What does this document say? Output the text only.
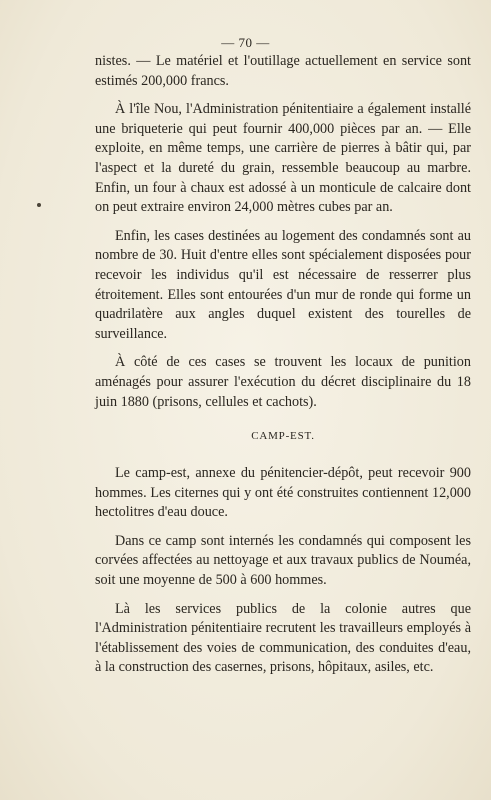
— 70 —

nistes. — Le matériel et l'outillage actuellement en service sont estimés 200,000 francs.

À l'île Nou, l'Administration pénitentiaire a également installé une briqueterie qui peut fournir 400,000 pièces par an. — Elle exploite, en même temps, une carrière de pierres à bâtir qui, par l'aspect et la dureté du grain, ressemble beaucoup au marbre. Enfin, un four à chaux est adossé à un monticule de calcaire dont on peut extraire environ 24,000 mètres cubes par an.

Enfin, les cases destinées au logement des condamnés sont au nombre de 30. Huit d'entre elles sont spécialement disposées pour recevoir les individus qu'il est nécessaire de resserrer plus étroitement. Elles sont entourées d'un mur de ronde qui forme un quadrilatère aux angles duquel existent des tourelles de surveillance.

À côté de ces cases se trouvent les locaux de punition aménagés pour assurer l'exécution du décret disciplinaire du 18 juin 1880 (prisons, cellules et cachots).

CAMP-EST.

Le camp-est, annexe du pénitencier-dépôt, peut recevoir 900 hommes. Les citernes qui y ont été construites contiennent 12,000 hectolitres d'eau douce.

Dans ce camp sont internés les condamnés qui composent les corvées affectées au nettoyage et aux travaux publics de Nouméa, soit une moyenne de 500 à 600 hommes.

Là les services publics de la colonie autres que l'Administration pénitentiaire recrutent les travailleurs employés à l'établissement des voies de communication, des conduites d'eau, à la construction des casernes, prisons, hôpitaux, asiles, etc.
